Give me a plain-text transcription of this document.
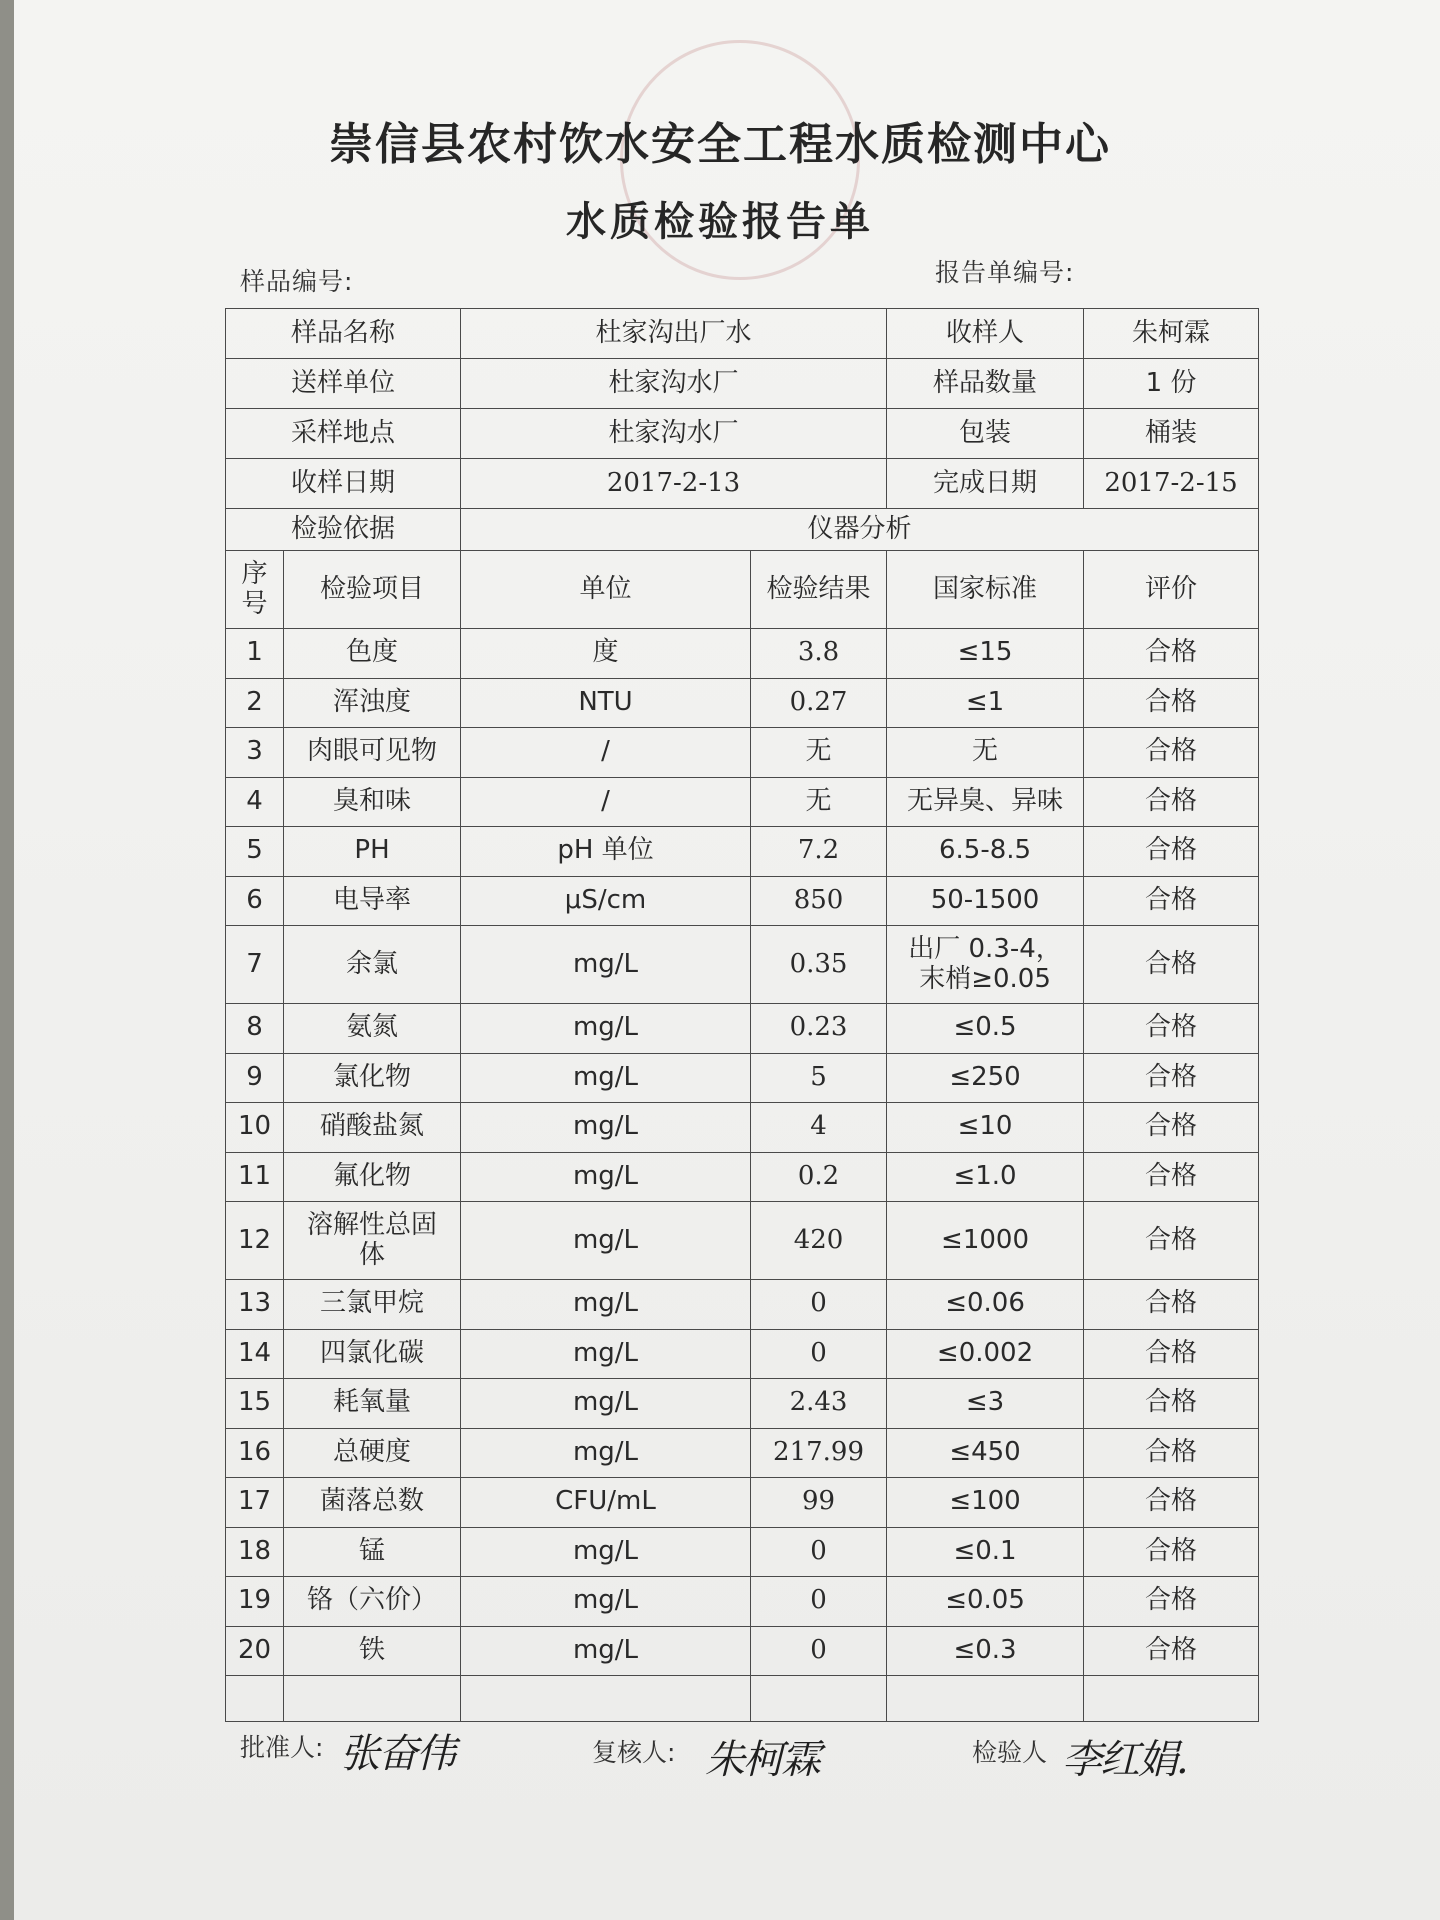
崇信县农村饮水安全工程水质检测中心
水质检验报告单
样品编号:	报告单编号:
样品名称		杜家沟出厂水		收样人	朱柯霖
送样单位		杜家沟水厂		样品数量	1 份
采样地点		杜家沟水厂		包装	桶装
收样日期		2017-2-13		完成日期	2017-2-15
检验依据		仪器分析			
序号	检验项目	单位	检验结果	国家标准	评价
1	色度	度	3.8	≤15	合格
2	浑浊度	NTU	0.27	≤1	合格
3	肉眼可见物	/	无	无	合格
4	臭和味	/	无	无异臭、异味	合格
5	PH	pH 单位	7.2	6.5-8.5	合格
6	电导率	μS/cm	850	50-1500	合格
7	余氯	mg/L	0.35	出厂 0.3-4，
末梢≥0.05	合格
8	氨氮	mg/L	0.23	≤0.5	合格
9	氯化物	mg/L	5	≤250	合格
10	硝酸盐氮	mg/L	4	≤10	合格
11	氟化物	mg/L	0.2	≤1.0	合格
12	溶解性总固
体	mg/L	420	≤1000	合格
13	三氯甲烷	mg/L	0	≤0.06	合格
14	四氯化碳	mg/L	0	≤0.002	合格
15	耗氧量	mg/L	2.43	≤3	合格
16	总硬度	mg/L	217.99	≤450	合格
17	菌落总数	CFU/mL	99	≤100	合格
18	锰	mg/L	0	≤0.1	合格
19	铬（六价）	mg/L	0	≤0.05	合格
20	铁	mg/L	0	≤0.3	合格

批准人: 张奋伟	复核人: 朱柯霖	检验人 李红娟.
